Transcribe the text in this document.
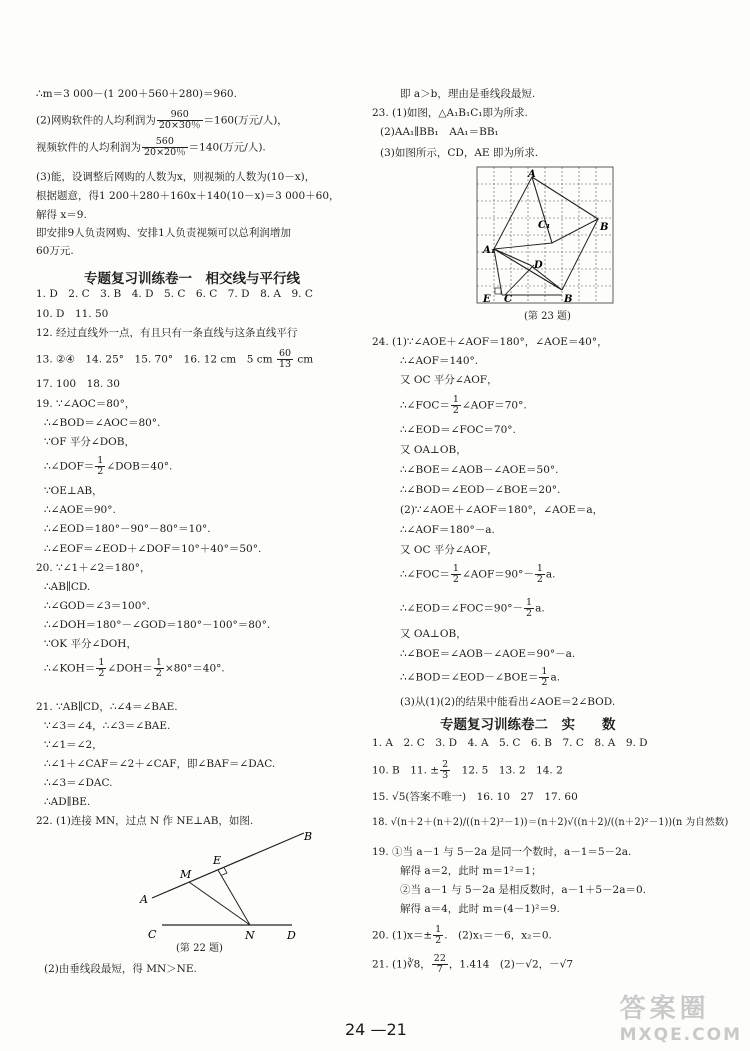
∴m＝3 000－(1 200＋560＋280)＝960.
(2)网购软件的人均利润为 $\frac{960}{20\times 30\%} =160$(万元/人)，
视频软件的人均利润为 $\frac{560}{20\times 20\%} =140$(万元/人).
(3)能，设调整后网购的人数为x，则视频的人数为(10－x)，
根据题意，得1 200＋280＋160x＋140(10－x)＝3 000＋60，
解得 x＝9.
即安排9人负责网购、安排1人负责视频可以总利润增加
60万元.
专题复习训练卷一　相交线与平行线
1. D　2. C　3. B　4. D　5. C　6. C　7. D　8. A　9. C
10. D　11. 50
12. 经过直线外一点，有且只有一条直线与这条直线平行
13. ②④　14. 25°　15. 70°　16. 12 cm　5 cm $\frac{60}{13}$ cm
17. 100　18. 30
19. ∵∠AOC＝80°，
∴∠BOD＝∠AOC＝80°.
∵OF 平分∠DOB，
∴∠DOF＝ $\frac{1}{2}$ ∠DOB＝40°.
∵OE⊥AB，
∴∠AOE＝90°.
∴∠EOD＝180°－90°－80°＝10°.
∴∠EOF＝∠EOD＋∠DOF＝10°＋40°＝50°.
20. ∵∠1＋∠2＝180°，
∴AB∥CD.
∴∠GOD＝∠3＝100°.
∴∠DOH＝180°－∠GOD＝180°－100°＝80°.
∵OK 平分∠DOH，
∴∠KOH＝ $\frac{1}{2}$ ∠DOH＝ $\frac{1}{2} \times 80^\circ=40^\circ$.
21. ∵AB∥CD，∴∠4＝∠BAE.
∵∠3＝∠4，∴∠3＝∠BAE.
∵∠1＝∠2，
∴∠1＋∠CAF＝∠2＋∠CAF，即∠BAF＝∠DAC.
∴∠3＝∠DAC.
∴AD∥BE.
22. (1)连接 MN，过点 N 作 NE⊥AB，如图.
A
M
E
B
C	N	D
(第 22 题)
(2)由垂线段最短，得 MN＞NE.
即 a＞b，理由是垂线段最短.
23. (1)如图，△A₁B₁C₁即为所求.
(2)AA₁∥BB₁　AA₁＝BB₁
(3)如图所示，CD，AE 即为所求.
A
C₁	B
A₁
D
E C	B
(第 23 题)
24. (1)∵∠AOE＋∠AOF＝180°，∠AOE＝40°，
∴∠AOF＝140°.
又 OC 平分∠AOF，
∴∠FOC＝ $\frac{1}{2}$ ∠AOF＝70°.
∴∠EOD＝∠FOC＝70°.
又 OA⊥OB，
∴∠BOE＝∠AOB－∠AOE＝50°.
∴∠BOD＝∠EOD－∠BOE＝20°.
(2)∵∠AOE＋∠AOF＝180°，∠AOE＝a，
∴∠AOF＝180°－a.
又 OC 平分∠AOF，
∴∠FOC＝ $\frac{1}{2}$ ∠AOF＝90°－ $\frac{1}{2} a$.
∴∠EOD＝∠FOC＝90°－ $\frac{1}{2} a$.
又 OA⊥OB，
∴∠BOE＝∠AOB－∠AOE＝90°－a.
∴∠BOD＝∠EOD－∠BOE＝ $\frac{1}{2} a$.
(3)从(1)(2)的结果中能看出∠AOE＝2∠BOD.
专题复习训练卷二　实　　数
1. A　2. C　3. D　4. A　5. C　6. B　7. C　8. A　9. D
10. B　11. ± $\frac{2}{3}$ 　12. 5　13. 2　14. 2
15. √5(答案不唯一)　16. 10　27　17. 60
18. √(n＋2＋(n＋2)/((n＋2)²－1))＝(n＋2)√((n＋2)/((n＋2)²－1))(n 为自然数)
19. ①当 a－1 与 5－2a 是同一个数时，a－1＝5－2a.
解得 a＝2，此时 m＝1²＝1；
②当 a－1 与 5－2a 是相反数时，a－1＋5－2a＝0.
解得 a＝4，此时 m＝(4－1)²＝9.
20. $(1)x=\pm \frac{1}{2}$ .　(2)x₁＝－6，x₂＝0.
21. (1)∛8， $\frac{22}{7}$ ，1.414　(2)－√2，－√7
24 —21
答案圈
MXQE.COM
